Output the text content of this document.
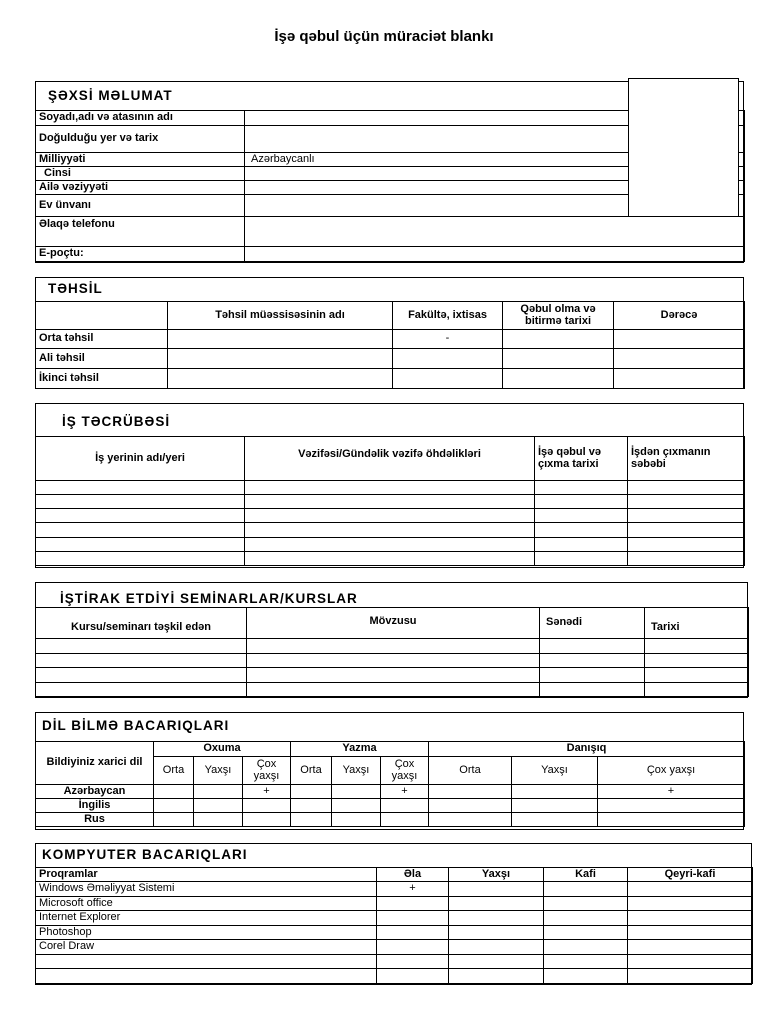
İşə qəbul üçün müraciət blankı
ŞƏXSİ MƏLUMAT
Soyadı,adı və atasının adı	
Doğulduğu yer və tarix	
Milliyyəti	Azərbaycanlı
Cinsi	
Ailə vəziyyəti	
Ev ünvanı	
Əlaqə telefonu	
E-poçtu:	
TƏHSİL
	Təhsil müəssisəsinin adı	Fakültə, ixtisas	Qəbul olma və bitirmə tarixi	Dərəcə
Orta təhsil		-		
Ali təhsil				
İkinci təhsil				
İŞ TƏCRÜBƏSİ
İş yerinin adı/yeri	Vəzifəsi/Gündəlik vəzifə öhdəlikləri	İşə qəbul və çıxma tarixi	İşdən çıxmanın səbəbi

İŞTİRAK ETDİYİ SEMİNARLAR/KURSLAR
Kursu/seminarı təşkil edən	Mövzusu	Sənədi	Tarixi

DİL BİLMƏ BACARIQLARI
Bildiyiniz xarici dil	Oxuma			Yazma			Danışıq		
	Orta	Yaxşı	Çox yaxşı	Orta	Yaxşı	Çox yaxşı	Orta	Yaxşı	Çox yaxşı
Azərbaycan			+			+			+
İngilis									
Rus									
KOMPYUTER BACARIQLARI
Proqramlar	Əla	Yaxşı	Kafi	Qeyri-kafi
Windows Əməliyyat Sistemi	+			
Microsoft office				
Internet Explorer				
Photoshop				
Corel Draw				
